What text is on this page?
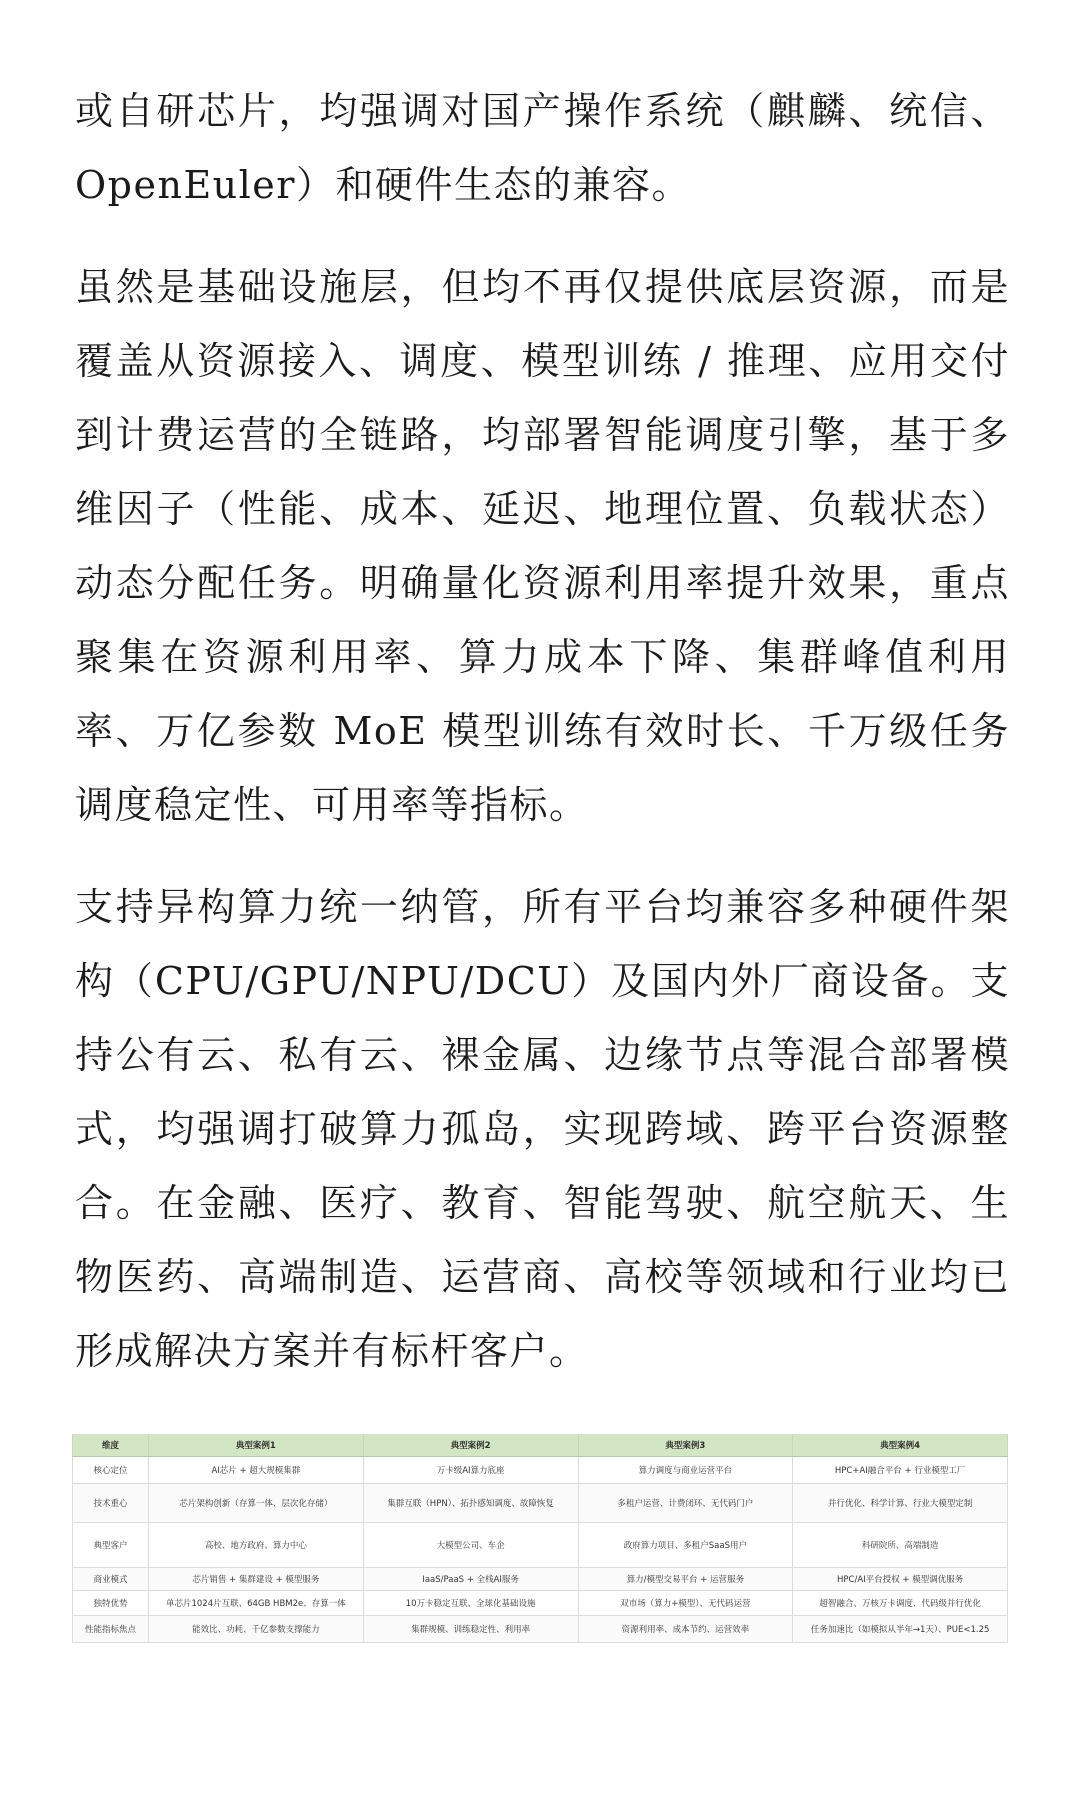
或自研芯片，均强调对国产操作系统（麒麟、统信、OpenEuler）和硬件生态的兼容。

虽然是基础设施层，但均不再仅提供底层资源，而是覆盖从资源接入、调度、模型训练 / 推理、应用交付到计费运营的全链路，均部署智能调度引擎，基于多维因子（性能、成本、延迟、地理位置、负载状态）动态分配任务。明确量化资源利用率提升效果，重点聚集在资源利用率、算力成本下降、集群峰值利用率、万亿参数 MoE 模型训练有效时长、千万级任务调度稳定性、可用率等指标。

支持异构算力统一纳管，所有平台均兼容多种硬件架构（CPU/GPU/NPU/DCU）及国内外厂商设备。支持公有云、私有云、裸金属、边缘节点等混合部署模式，均强调打破算力孤岛，实现跨域、跨平台资源整合。在金融、医疗、教育、智能驾驶、航空航天、生物医药、高端制造、运营商、高校等领域和行业均已形成解决方案并有标杆客户。

维度	典型案例1	典型案例2	典型案例3	典型案例4
核心定位	AI芯片 + 超大规模集群	万卡级AI算力底座	算力调度与商业运营平台	HPC+AI融合平台 + 行业模型工厂
技术重心	芯片架构创新（存算一体、层次化存储）	集群互联（HPN）、拓扑感知调度、故障恢复	多租户运营、计费闭环、无代码门户	并行优化、科学计算、行业大模型定制
典型客户	高校、地方政府、算力中心	大模型公司、车企	政府算力项目、多租户SaaS用户	科研院所、高端制造
商业模式	芯片销售 + 集群建设 + 模型服务	IaaS/PaaS + 全栈AI服务	算力/模型交易平台 + 运营服务	HPC/AI平台授权 + 模型调优服务
独特优势	单芯片1024片互联、64GB HBM2e、存算一体	10万卡稳定互联、全球化基础设施	双市场（算力+模型）、无代码运营	超智融合、万核万卡调度、代码级并行优化
性能指标焦点	能效比、功耗、千亿参数支撑能力	集群规模、训练稳定性、利用率	资源利用率、成本节约、运营效率	任务加速比（如模拟从半年→1天）、PUE<1.25
